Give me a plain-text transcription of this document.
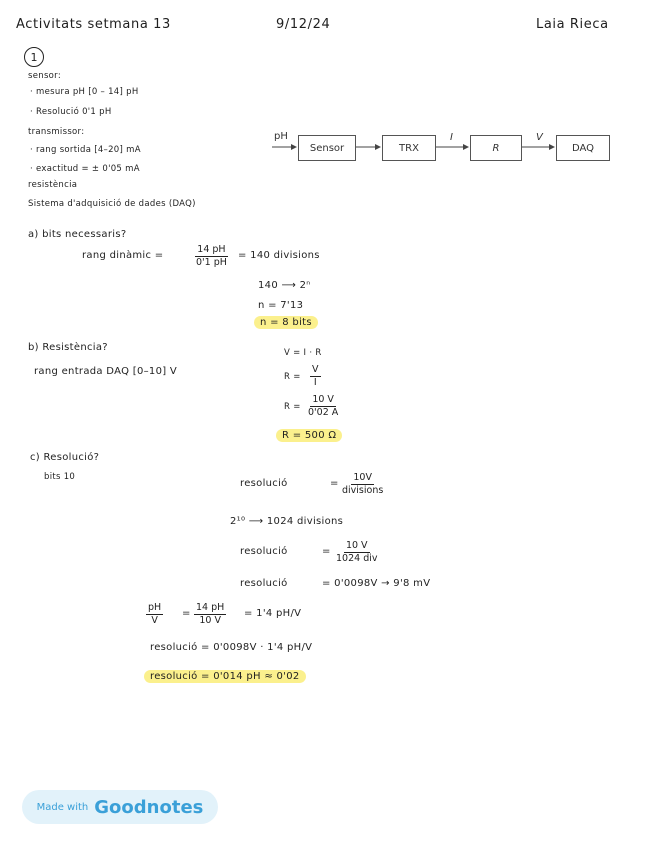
Activitats setmana 13	9/12/24	Laia Rieca
1
sensor:
· mesura pH [0 – 14] pH
· Resolució 0'1 pH
transmissor:
· rang sortida [4–20] mA
· exactitud = ± 0'05 mA
resistència
Sistema d'adquisició de dades (DAQ)
pH
Sensor	TRX
I
R
V
DAQ
a) bits necessaris?
rang dinàmic =	$\frac{14 pH}{0'1 pH} = 140$ divisions
140 ⟶ 2ⁿ
n = 7'13
n = 8 bits
b) Resistència?
rang entrada DAQ [0–10] V
V = I · R
$R = \frac{V}{I}$
$R = \frac{10 V}{0'02 A}$
R = 500 Ω
c) Resolució?
bits 10
resolució	=
10V
divisions
2¹⁰ ⟶ 1024 divisions
resolució	=
10 V
1024 div
resolució	= 0'0098V → 9'8 mV
$\frac{pH}{V} = \frac{14 pH}{10 V} = 1'4$ pH/V
resolució = 0'0098V · 1'4 pH/V
resolució = 0'014 pH ≈ 0'02
Made with Goodnotes
